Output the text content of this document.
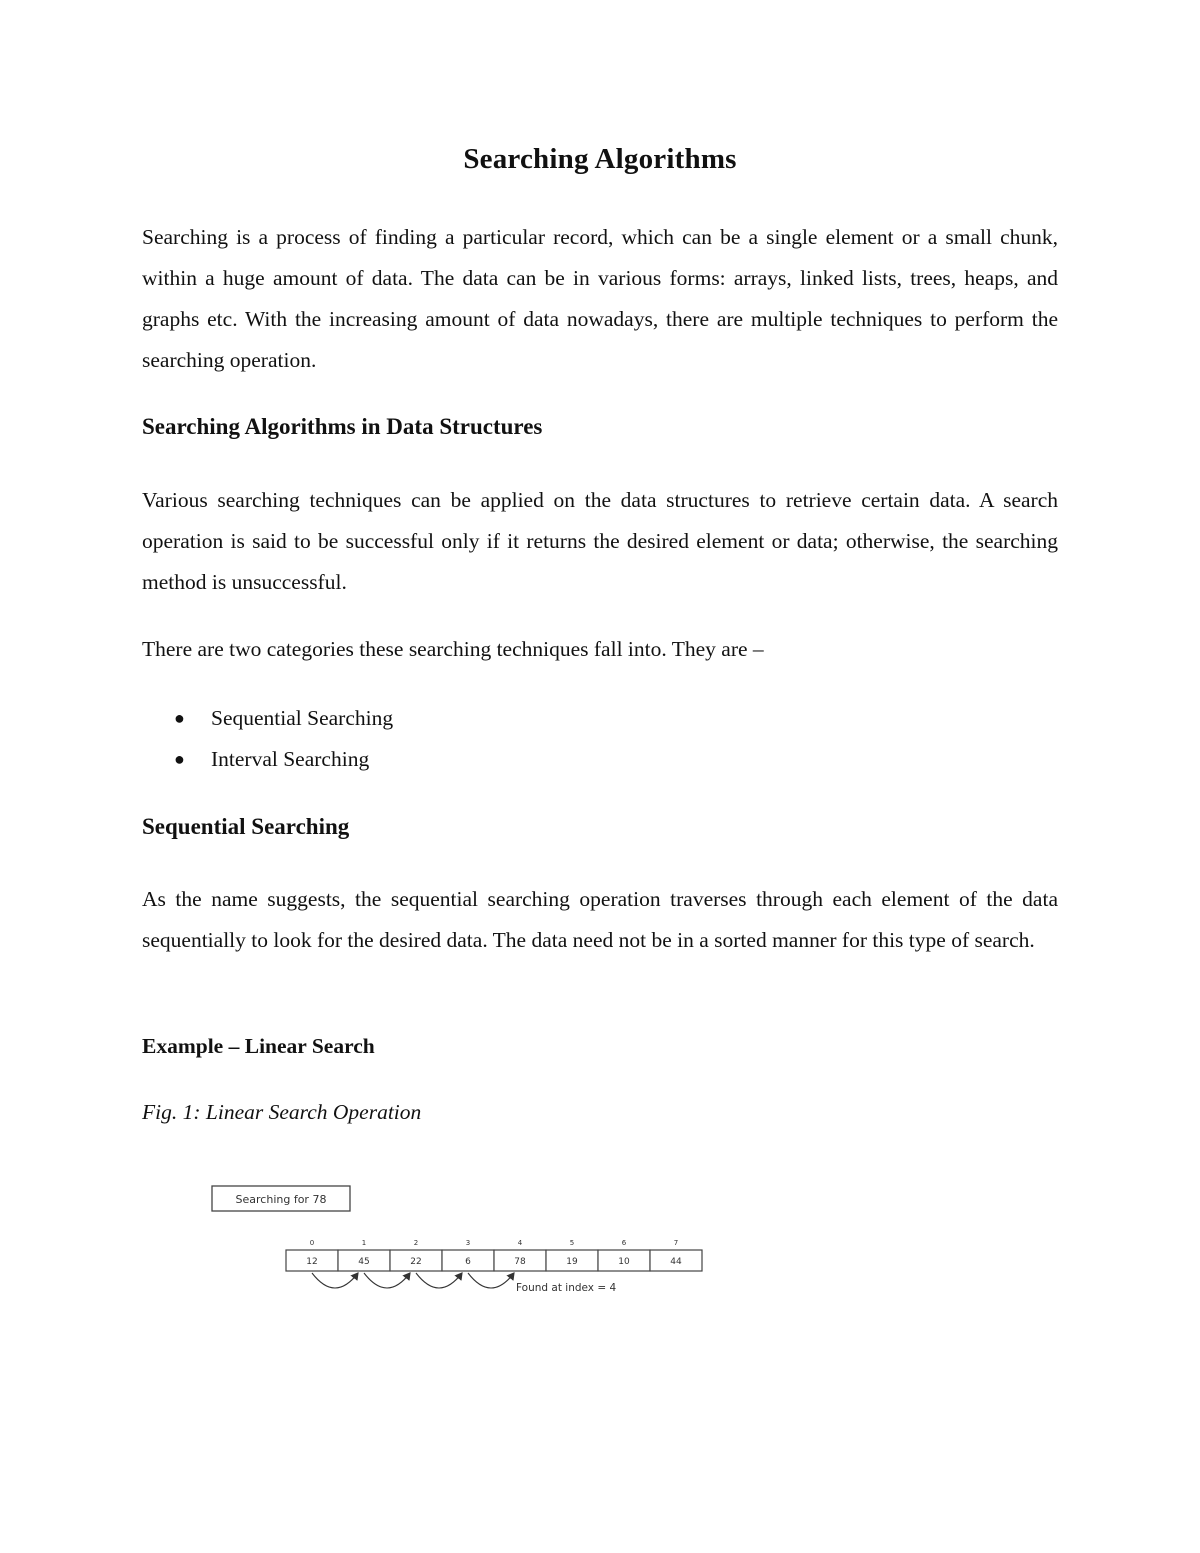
Searching Algorithms

Searching is a process of finding a particular record, which can be a single element or a small chunk, within a huge amount of data. The data can be in various forms: arrays, linked lists, trees, heaps, and graphs etc. With the increasing amount of data nowadays, there are multiple techniques to perform the searching operation.

Searching Algorithms in Data Structures

Various searching techniques can be applied on the data structures to retrieve certain data. A search operation is said to be successful only if it returns the desired element or data; otherwise, the searching method is unsuccessful.

There are two categories these searching techniques fall into. They are –

● Sequential Searching
● Interval Searching
Sequential Searching

As the name suggests, the sequential searching operation traverses through each element of the data sequentially to look for the desired data. The data need not be in a sorted manner for this type of search.

Example – Linear Search

Fig. 1: Linear Search Operation

Searching for 78
12
0
45
1
22
2
6
3
78
4
19
5
10
6
44
7
Found at index = 4
